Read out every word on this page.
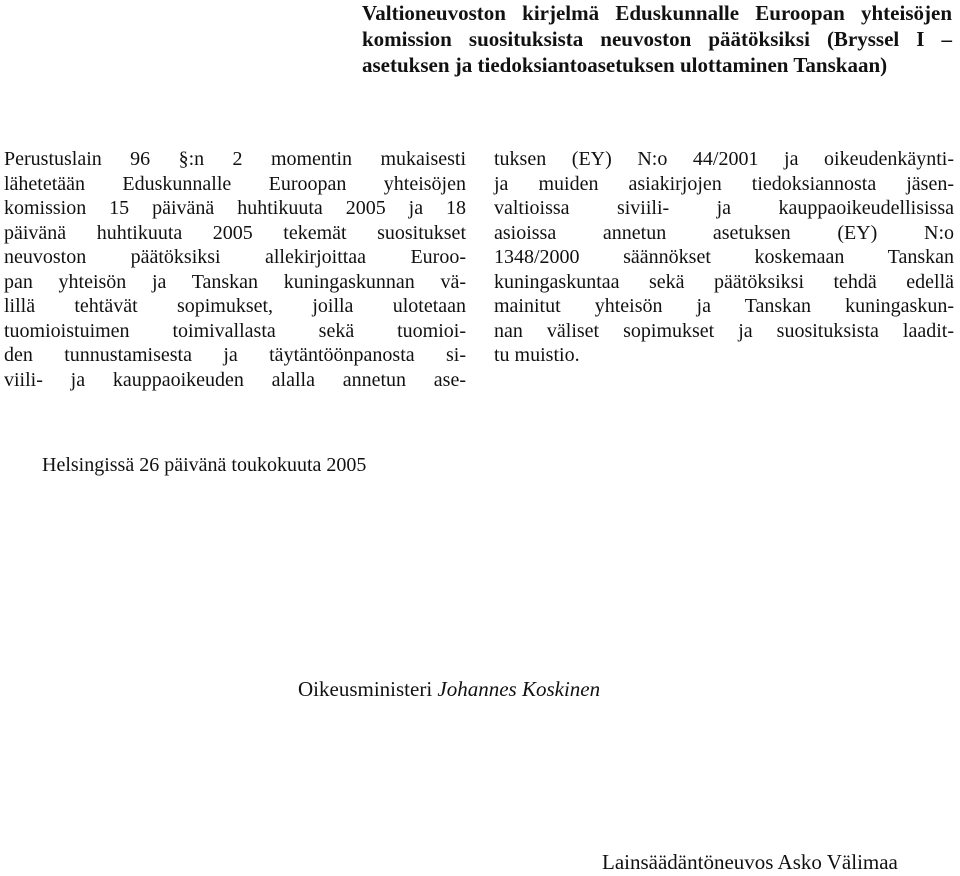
Valtioneuvoston kirjelmä Eduskunnalle Euroopan yhteisöjen komission suosituksista neuvoston päätöksiksi (Bryssel I –asetuksen ja tiedoksiantoasetuksen ulottaminen Tanskaan)
Perustuslain 96 §:n 2 momentin mukaisesti
lähetetään Eduskunnalle Euroopan yhteisöjen
komission 15 päivänä huhtikuuta 2005 ja 18
päivänä huhtikuuta 2005 tekemät suositukset
neuvoston päätöksiksi allekirjoittaa Euroo-
pan yhteisön ja Tanskan kuningaskunnan vä-
lillä tehtävät sopimukset, joilla ulotetaan
tuomioistuimen toimivallasta sekä tuomioi-
den tunnustamisesta ja täytäntöönpanosta si-
viili- ja kauppaoikeuden alalla annetun ase-
tuksen (EY) N:o 44/2001 ja oikeudenkäynti-
ja muiden asiakirjojen tiedoksiannosta jäsen-
valtioissa siviili- ja kauppaoikeudellisissa
asioissa annetun asetuksen (EY) N:o
1348/2000 säännökset koskemaan Tanskan
kuningaskuntaa sekä päätöksiksi tehdä edellä
mainitut yhteisön ja Tanskan kuningaskun-
nan väliset sopimukset ja suosituksista laadit-
tu muistio.
Helsingissä 26 päivänä toukokuuta 2005
Oikeusministeri Johannes Koskinen
Lainsäädäntöneuvos Asko Välimaa
